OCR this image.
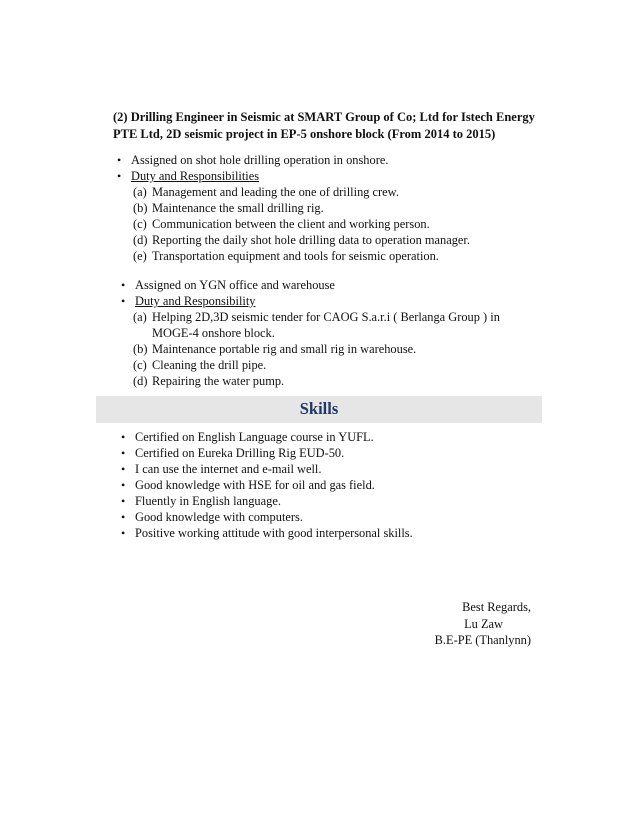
(2) Drilling Engineer in Seismic at SMART Group of Co; Ltd for Istech Energy PTE Ltd, 2D seismic project in EP-5 onshore block (From 2014 to 2015)
• Assigned on shot hole drilling operation in onshore.
• Duty and Responsibilities
(a) Management and leading the one of drilling crew.
(b) Maintenance the small drilling rig.
(c) Communication between the client and working person.
(d) Reporting the daily shot hole drilling data to operation manager.
(e) Transportation equipment and tools for seismic operation.
• Assigned on YGN office and warehouse
• Duty and Responsibility
(a) Helping 2D,3D seismic tender for CAOG S.a.r.i ( Berlanga Group ) in MOGE-4 onshore block.
(b) Maintenance portable rig and small rig in warehouse.
(c) Cleaning the drill pipe.
(d) Repairing the water pump.
Skills
• Certified on English Language course in YUFL.
• Certified on Eureka Drilling Rig EUD-50.
• I can use the internet and e-mail well.
• Good knowledge with HSE for oil and gas field.
• Fluently in English language.
• Good knowledge with computers.
• Positive working attitude with good interpersonal skills.
Best Regards,
Lu Zaw
B.E-PE (Thanlynn)
